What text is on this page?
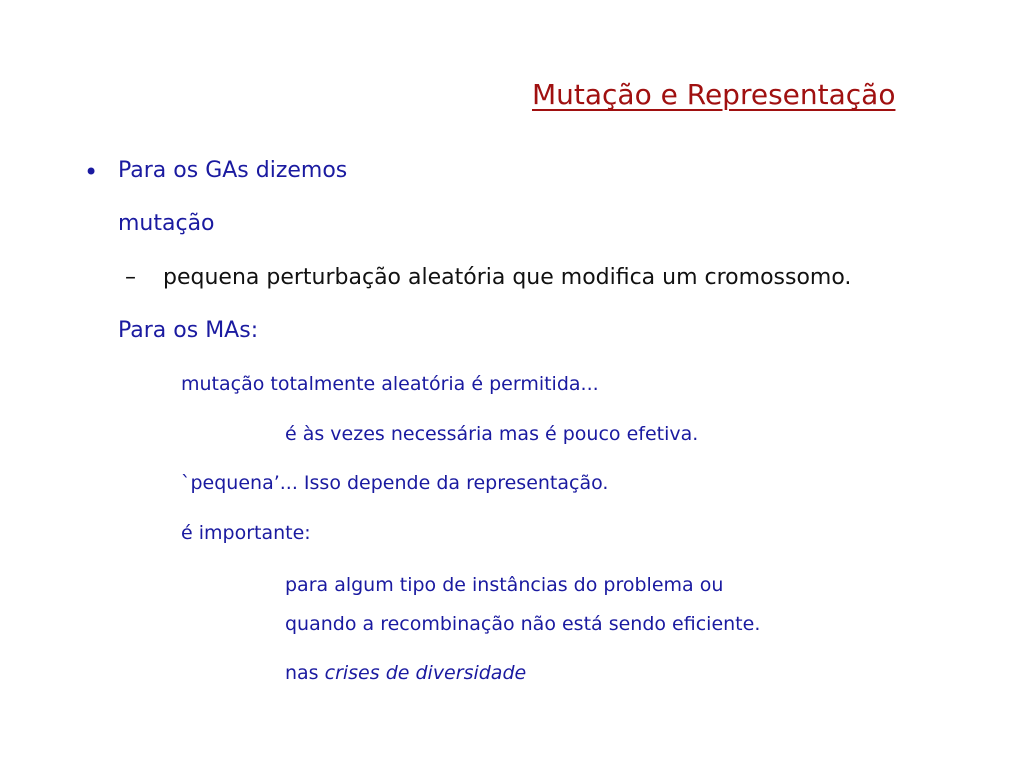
Mutação e Representação
• Para os GAs dizemos
mutação
– pequena perturbação aleatória que modifica um cromossomo.
Para os MAs:
mutação totalmente aleatória é permitida...
é às vezes necessária mas é pouco efetiva.
`pequena’... Isso depende da representação.
é importante:
para algum tipo de instâncias do problema ou
quando a recombinação não está sendo eficiente.
nas crises de diversidade
